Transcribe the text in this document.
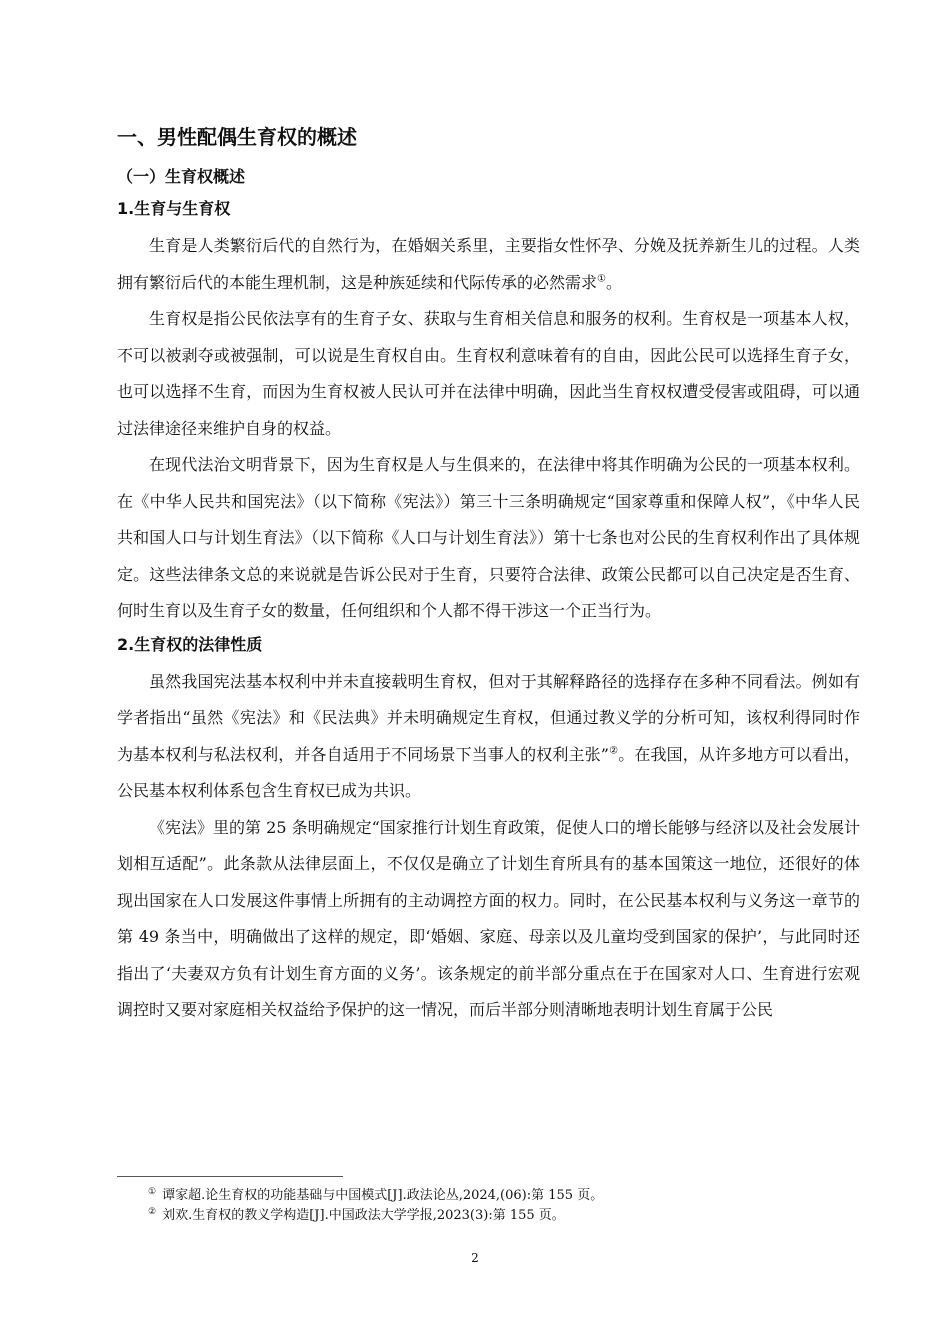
一、男性配偶生育权的概述
（一）生育权概述
1.生育与生育权

生育是人类繁衍后代的自然行为，在婚姻关系里，主要指女性怀孕、分娩及抚养新生儿的过程。人类拥有繁衍后代的本能生理机制，这是种族延续和代际传承的必然需求①。

生育权是指公民依法享有的生育子女、获取与生育相关信息和服务的权利。生育权是一项基本人权，不可以被剥夺或被强制，可以说是生育权自由。生育权利意味着有的自由，因此公民可以选择生育子女，也可以选择不生育，而因为生育权被人民认可并在法律中明确，因此当生育权权遭受侵害或阻碍，可以通过法律途径来维护自身的权益。

在现代法治文明背景下，因为生育权是人与生俱来的，在法律中将其作明确为公民的一项基本权利。在《中华人民共和国宪法》（以下简称《宪法》）第三十三条明确规定“国家尊重和保障人权”，《中华人民共和国人口与计划生育法》（以下简称《人口与计划生育法》）第十七条也对公民的生育权利作出了具体规定。这些法律条文总的来说就是告诉公民对于生育，只要符合法律、政策公民都可以自己决定是否生育、何时生育以及生育子女的数量，任何组织和个人都不得干涉这一个正当行为。

2.生育权的法律性质

虽然我国宪法基本权利中并未直接载明生育权，但对于其解释路径的选择存在多种不同看法。例如有学者指出“虽然《宪法》和《民法典》并未明确规定生育权，但通过教义学的分析可知，该权利得同时作为基本权利与私法权利，并各自适用于不同场景下当事人的权利主张”②。在我国，从许多地方可以看出，公民基本权利体系包含生育权已成为共识。

《宪法》里的第 25 条明确规定“国家推行计划生育政策，促使人口的增长能够与经济以及社会发展计划相互适配”。此条款从法律层面上，不仅仅是确立了计划生育所具有的基本国策这一地位，还很好的体现出国家在人口发展这件事情上所拥有的主动调控方面的权力。同时，在公民基本权利与义务这一章节的第 49 条当中，明确做出了这样的规定，即‘婚姻、家庭、母亲以及儿童均受到国家的保护’，与此同时还指出了‘夫妻双方负有计划生育方面的义务’。该条规定的前半部分重点在于在国家对人口、生育进行宏观调控时又要对家庭相关权益给予保护的这一情况，而后半部分则清晰地表明计划生育属于公民

① 谭家超.论生育权的功能基础与中国模式[J].政法论丛,2024,(06):第 155 页。

② 刘欢.生育权的教义学构造[J].中国政法大学学报,2023(3):第 155 页。

2
